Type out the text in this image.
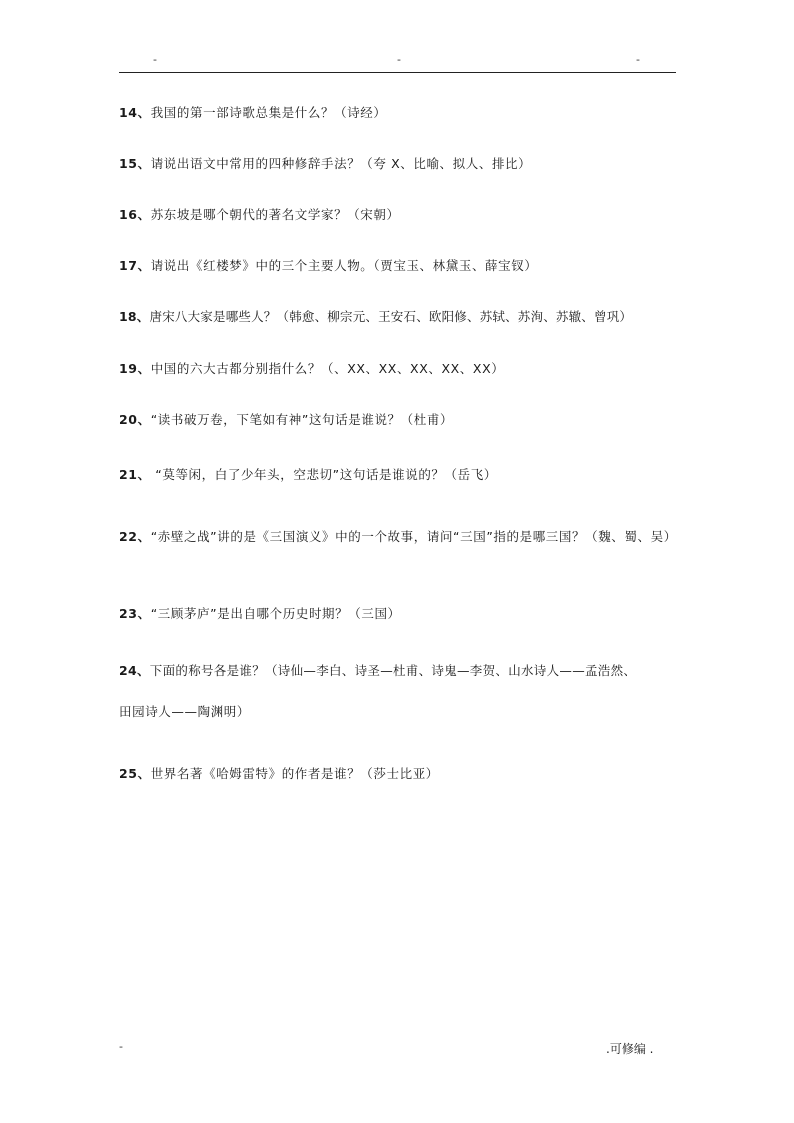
-	-	-
14、我国的第一部诗歌总集是什么？（诗经）
15、请说出语文中常用的四种修辞手法？（夸 X、比喻、拟人、排比）
16、苏东坡是哪个朝代的著名文学家？（宋朝）
17、请说出《红楼梦》中的三个主要人物。（贾宝玉、林黛玉、薛宝钗）
18、唐宋八大家是哪些人？（韩愈、柳宗元、王安石、欧阳修、苏轼、苏洵、苏辙、曾巩）
19、中国的六大古都分别指什么？（、XX、XX、XX、XX、XX）
20、“读书破万卷，下笔如有神”这句话是谁说？（杜甫）
21、 “莫等闲，白了少年头，空悲切”这句话是谁说的？（岳飞）
22、“赤壁之战”讲的是《三国演义》中的一个故事，请问“三国”指的是哪三国？（魏、蜀、吴）
23、“三顾茅庐”是出自哪个历史时期？（三国）
24、下面的称号各是谁？（诗仙—李白、诗圣—杜甫、诗鬼—李贺、山水诗人——孟浩然、
田园诗人——陶渊明）
25、世界名著《哈姆雷特》的作者是谁？（莎士比亚）
-	.可修编 .
